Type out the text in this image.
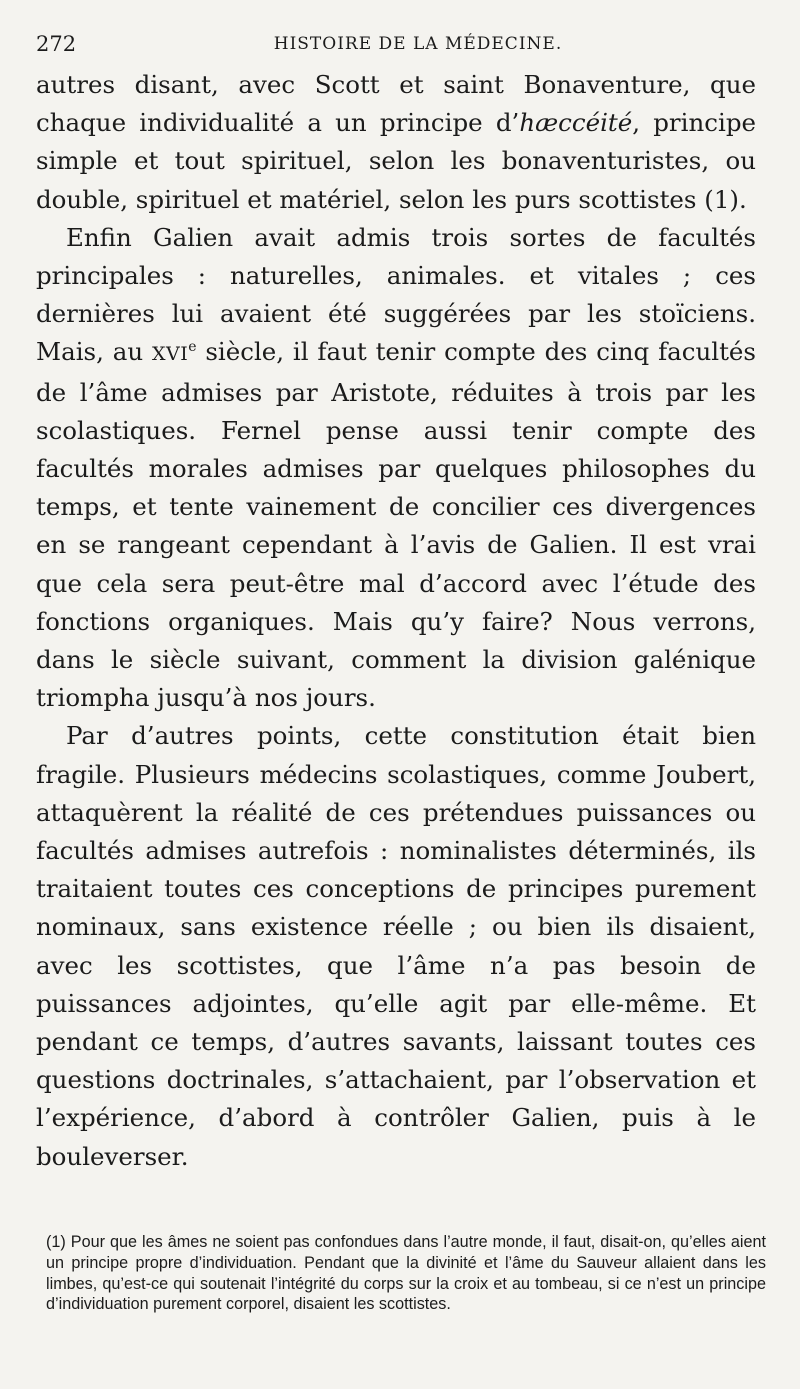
272	HISTOIRE DE LA MÉDECINE.

autres disant, avec Scott et saint Bonaventure, que chaque individualité a un principe d’hæccéité, principe simple et tout spirituel, selon les bonaventuristes, ou double, spirituel et matériel, selon les purs scottistes (1).

Enfin Galien avait admis trois sortes de facultés principales : naturelles, animales. et vitales ; ces dernières lui avaient été suggérées par les stoïciens. Mais, au XVIe siècle, il faut tenir compte des cinq facultés de l’âme admises par Aristote, réduites à trois par les scolastiques. Fernel pense aussi tenir compte des facultés morales admises par quelques philosophes du temps, et tente vainement de concilier ces divergences en se rangeant cependant à l’avis de Galien. Il est vrai que cela sera peut-être mal d’accord avec l’étude des fonctions organiques. Mais qu’y faire? Nous verrons, dans le siècle suivant, comment la division galénique triompha jusqu’à nos jours.

Par d’autres points, cette constitution était bien fragile. Plusieurs médecins scolastiques, comme Joubert, attaquèrent la réalité de ces prétendues puissances ou facultés admises autrefois : nominalistes déterminés, ils traitaient toutes ces conceptions de principes purement nominaux, sans existence réelle ; ou bien ils disaient, avec les scottistes, que l’âme n’a pas besoin de puissances adjointes, qu’elle agit par elle-même. Et pendant ce temps, d’autres savants, laissant toutes ces questions doctrinales, s’attachaient, par l’observation et l’expérience, d’abord à contrôler Galien, puis à le bouleverser.

(1) Pour que les âmes ne soient pas confondues dans l’autre monde, il faut, disait-on, qu’elles aient un principe propre d’individuation. Pendant que la divinité et l’âme du Sauveur allaient dans les limbes, qu’est-ce qui soutenait l’intégrité du corps sur la croix et au tombeau, si ce n’est un principe d’individuation purement corporel, disaient les scottistes.
